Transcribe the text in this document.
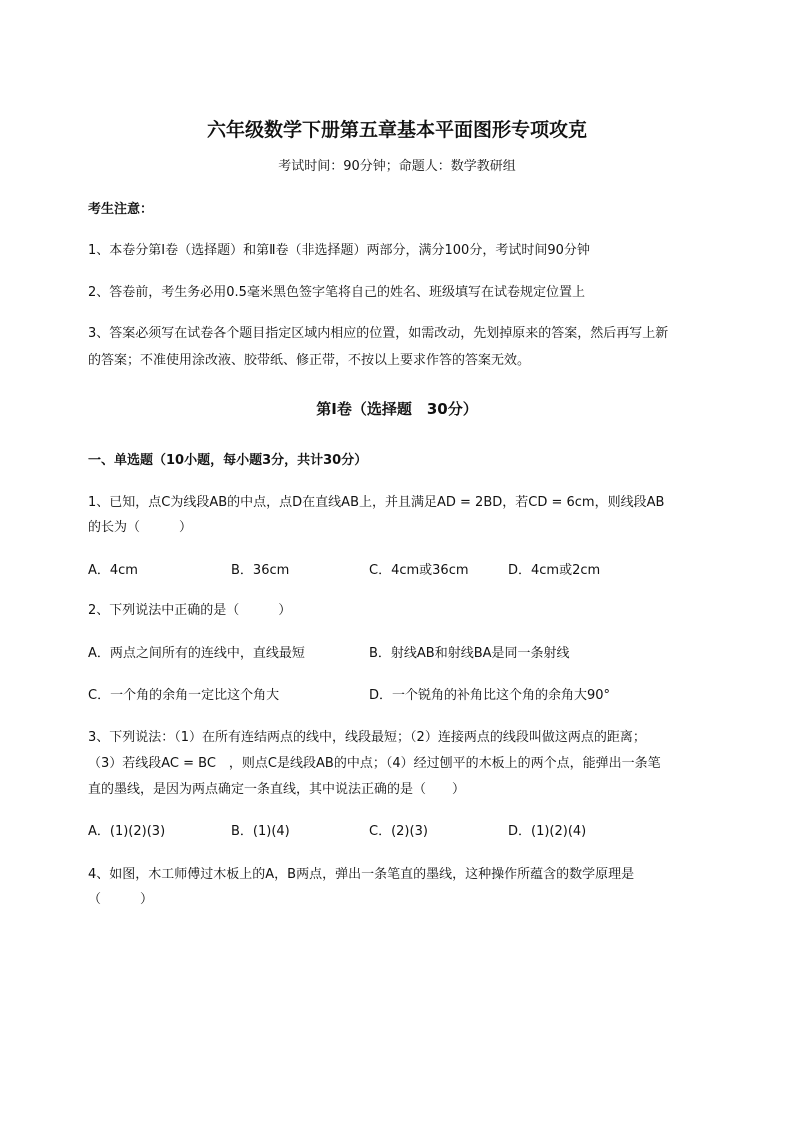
六年级数学下册第五章基本平面图形专项攻克
考试时间：90分钟；命题人：数学教研组
考生注意：
1、本卷分第Ⅰ卷（选择题）和第Ⅱ卷（非选择题）两部分，满分100分，考试时间90分钟
2、答卷前，考生务必用0.5毫米黑色签字笔将自己的姓名、班级填写在试卷规定位置上
3、答案必须写在试卷各个题目指定区域内相应的位置，如需改动，先划掉原来的答案，然后再写上新
的答案；不准使用涂改液、胶带纸、修正带，不按以上要求作答的答案无效。
第Ⅰ卷（选择题　30分）
一、单选题（10小题，每小题3分，共计30分）
1、已知，点C为线段AB的中点，点D在直线AB上，并且满足AD = 2BD，若CD = 6cm，则线段AB
的长为（　　　）
A．4cm	B．36cm	C．4cm或36cm	D．4cm或2cm
2、下列说法中正确的是（　　　）
A．两点之间所有的连线中，直线最短	B．射线AB和射线BA是同一条射线
C．一个角的余角一定比这个角大	D．一个锐角的补角比这个角的余角大90°
3、下列说法：（1）在所有连结两点的线中，线段最短；（2）连接两点的线段叫做这两点的距离；
（3）若线段AC = BC　，则点C是线段AB的中点；（4）经过刨平的木板上的两个点，能弹出一条笔
直的墨线，是因为两点确定一条直线，其中说法正确的是（　　）
A．(1)(2)(3)	B．(1)(4)	C．(2)(3)	D．(1)(2)(4)
4、如图，木工师傅过木板上的A，B两点，弹出一条笔直的墨线，这种操作所蕴含的数学原理是
（　　　）
